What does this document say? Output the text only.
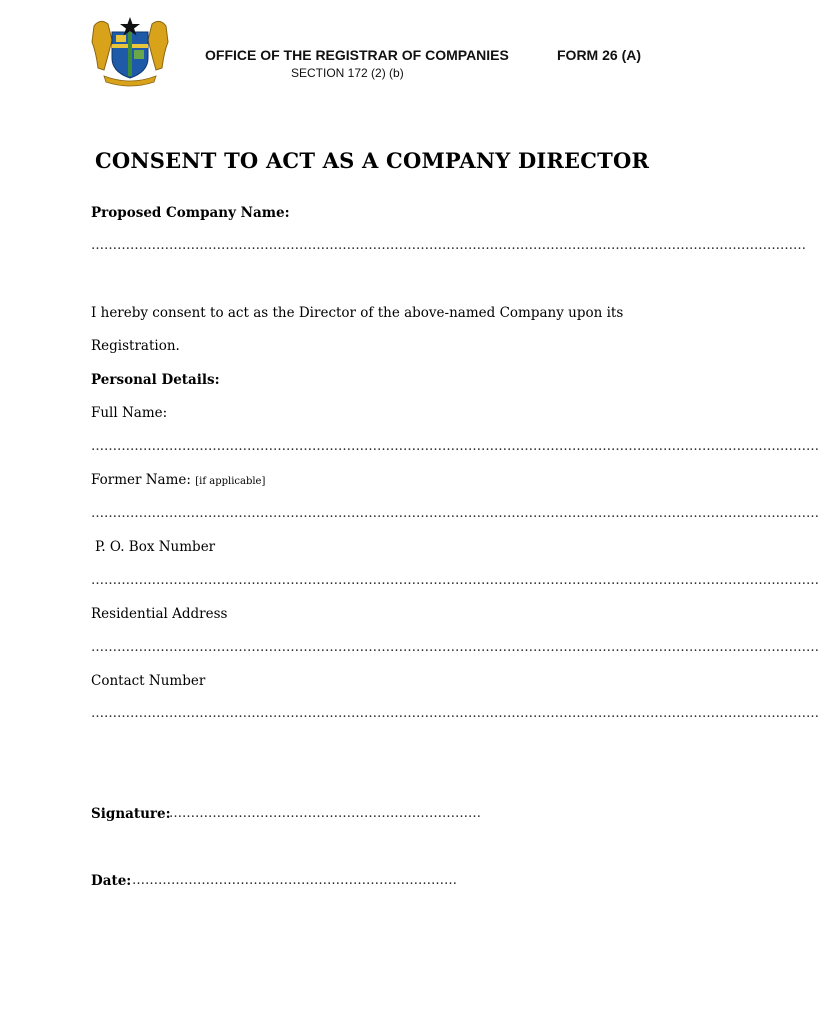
OFFICE OF THE REGISTRAR OF COMPANIES	FORM 26 (A)
SECTION 172 (2) (b)
CONSENT TO ACT AS A COMPANY DIRECTOR
Proposed Company Name:
…………………………………………………………………………………………………………………………………………………
I hereby consent to act as the Director of the above-named Company upon its
Registration.
Personal Details:
Full Name:
……………………………………………………………………………………………………………………………………………………
Former Name: [if applicable]
……………………………………………………………………………………………………………………………………………………
P. O. Box Number
……………………………………………………………………………………………………………………………………………………
Residential Address
……………………………………………………………………………………………………………………………………………………
Contact Number
……………………………………………………………………………………………………………………………………………………
Signature:
………………………………………………………………
Date: …………………………………………………………………
